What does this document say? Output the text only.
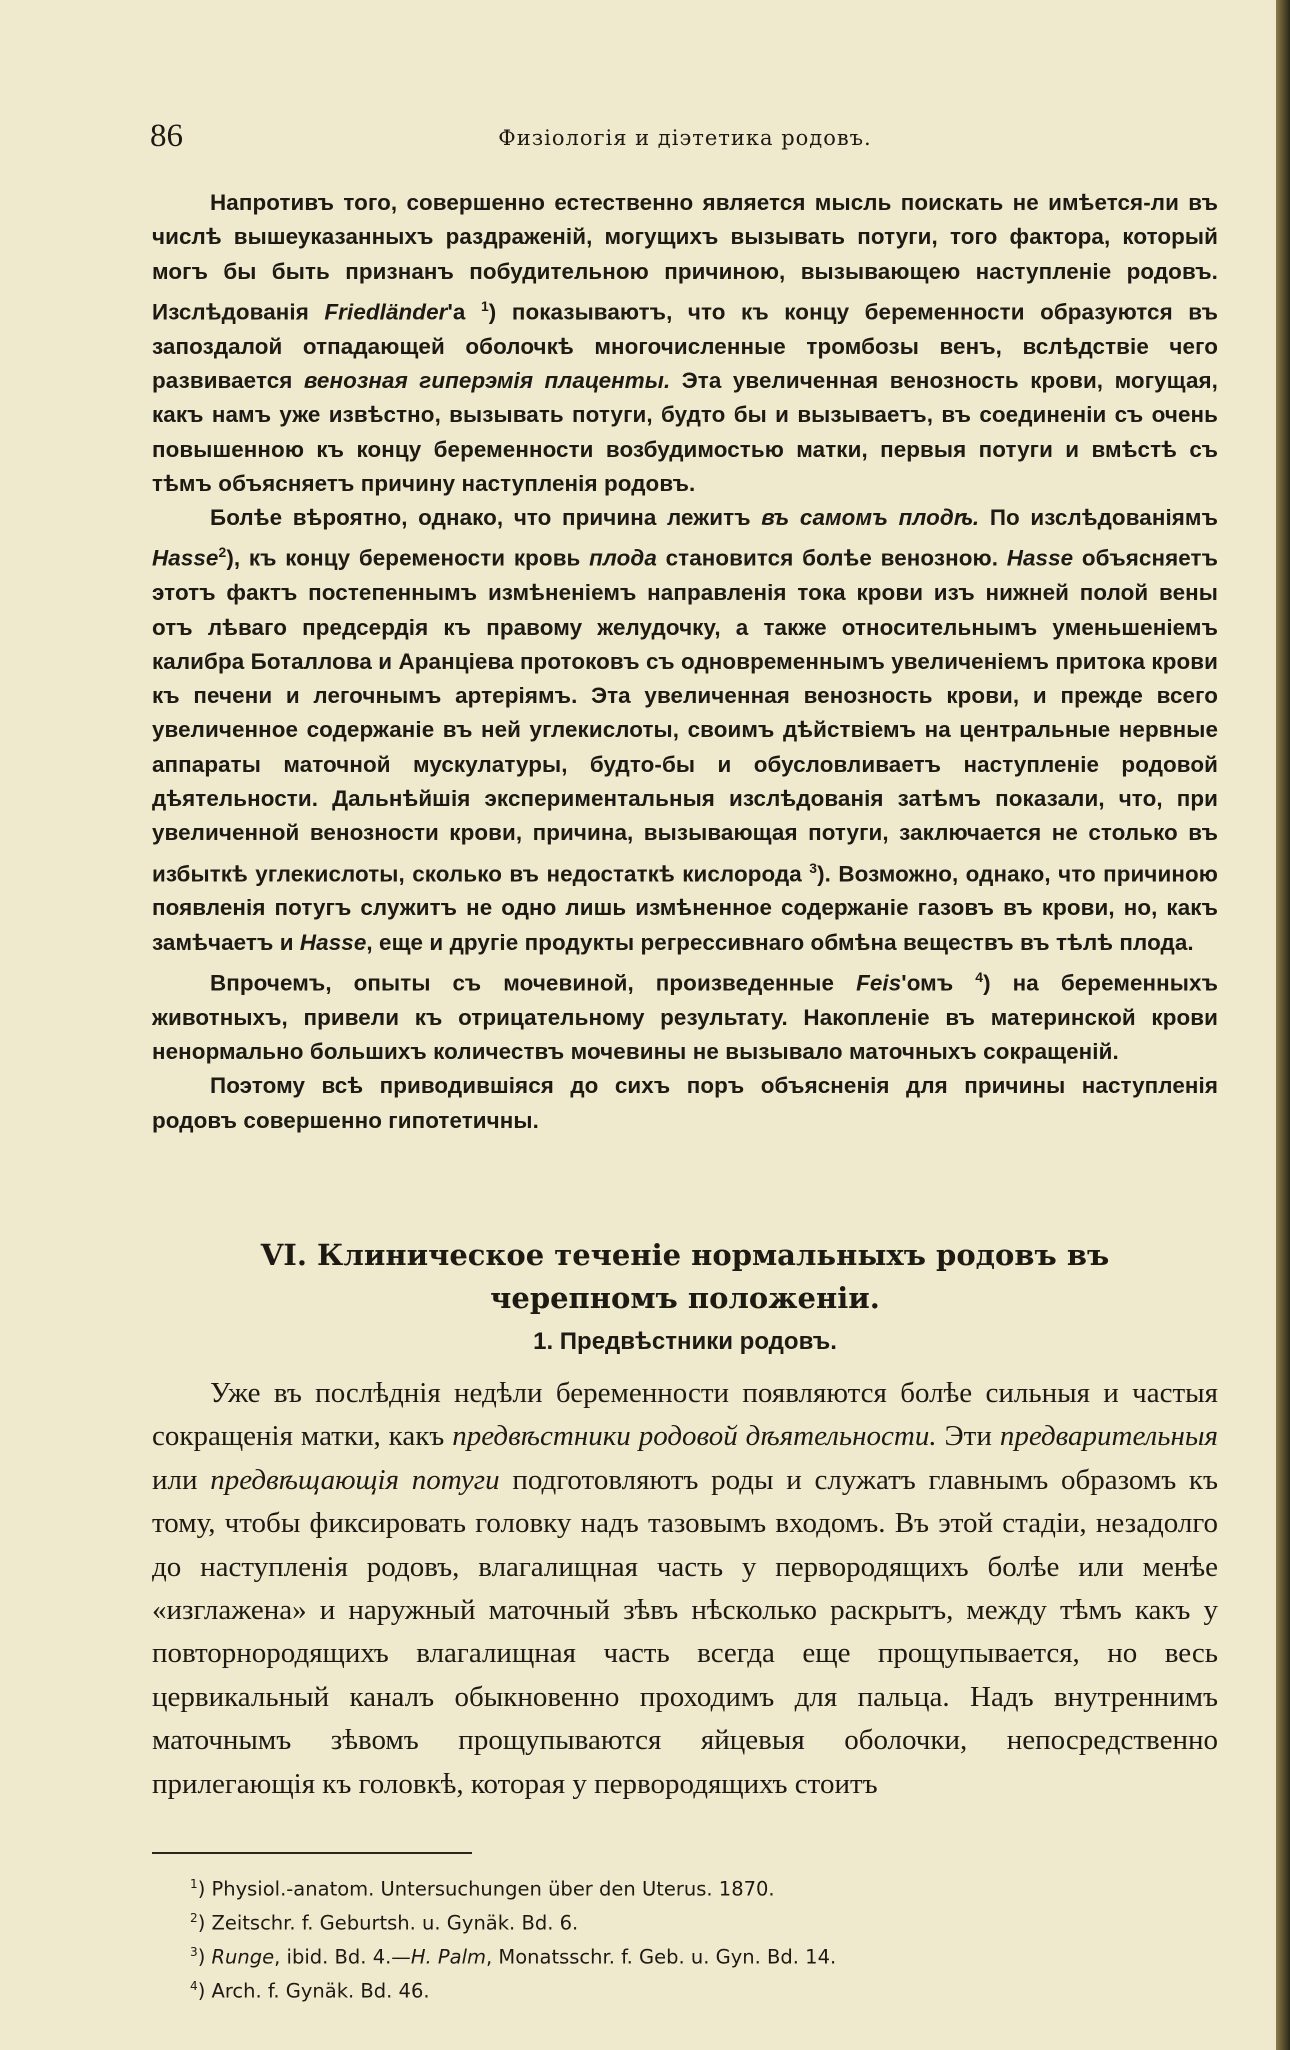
86	Физiологiя и дiэтетика родовъ.

Напротивъ того, совершенно естественно является мысль поискать не имѣется-ли въ числѣ вышеуказанныхъ раздраженiй, могущихъ вызывать потуги, того фактора, который могъ бы быть признанъ побудительною причиною, вызывающею наступленiе родовъ. Изслѣдованiя Friedländer'а $^1$) показываютъ, что къ концу беременности образуются въ запоздалой отпадающей оболочкѣ многочисленные тромбозы венъ, вслѣдствiе чего развивается венозная гиперэмiя плаценты. Эта увеличенная венозность крови, могущая, какъ намъ уже извѣстно, вызывать потуги, будто бы и вызываетъ, въ соединенiи съ очень повышенною къ концу беременности возбудимостью матки, первыя потуги и вмѣстѣ съ тѣмъ объясняетъ причину наступленiя родовъ.

Болѣе вѣроятно, однако, что причина лежитъ въ самомъ плодѣ. По изслѣдованiямъ Hasse$^2$), къ концу беремености кровь плода становится болѣе венозною. Hasse объясняетъ этотъ фактъ постепеннымъ измѣненiемъ направленiя тока крови изъ нижней полой вены отъ лѣваго предсердiя къ правому желудочку, а также относительнымъ уменьшенiемъ калибра Боталлова и Аранцiева протоковъ съ одновременнымъ увеличенiемъ притока крови къ печени и легочнымъ артерiямъ. Эта увеличенная венозность крови, и прежде всего увеличенное содержанiе въ ней углекислоты, своимъ дѣйствiемъ на центральные нервные аппараты маточной мускулатуры, будто-бы и обусловливаетъ наступленiе родовой дѣятельности. Дальнѣйшiя экспериментальныя изслѣдованiя затѣмъ показали, что, при увеличенной венозности крови, причина, вызывающая потуги, заключается не столько въ избыткѣ углекислоты, сколько въ недостаткѣ кислорода $^3$). Возможно, однако, что причиною появленiя потугъ служитъ не одно лишь измѣненное содержанiе газовъ въ крови, но, какъ замѣчаетъ и Hasse, еще и другiе продукты регрессивнаго обмѣна веществъ въ тѣлѣ плода.

Впрочемъ, опыты съ мочевиной, произведенные Feis'омъ $^4$) на беременныхъ животныхъ, привели къ отрицательному результату. Накопленiе въ материнской крови ненормально большихъ количествъ мочевины не вызывало маточныхъ сокращенiй.

Поэтому всѣ приводившiяся до сихъ поръ объясненiя для причины наступленiя родовъ совершенно гипотетичны.

VI. Клиническое теченiе нормальныхъ родовъ въ
черепномъ положенiи.
1. Предвѣстники родовъ.

Уже въ послѣднiя недѣли беременности появляются болѣе сильныя и частыя сокращенiя матки, какъ предвѣстники родовой дѣятельности. Эти предварительныя или предвѣщающiя потуги подготовляютъ роды и служатъ главнымъ образомъ къ тому, чтобы фиксировать головку надъ тазовымъ входомъ. Въ этой стадiи, незадолго до наступленiя родовъ, влагалищная часть у первородящихъ болѣе или менѣе «изглажена» и наружный маточный зѣвъ нѣсколько раскрытъ, между тѣмъ какъ у повторнородящихъ влагалищная часть всегда еще прощупывается, но весь цервикальный каналъ обыкновенно проходимъ для пальца. Надъ внутреннимъ маточнымъ зѣвомъ прощупываются яйцевыя оболочки, непосредственно прилегающiя къ головкѣ, которая у первородящихъ стоитъ

$^1$) Physiol.-anatom. Untersuchungen über den Uterus. 1870.
$^2$) Zeitschr. f. Geburtsh. u. Gynäk. Bd. 6.
$^3$) Runge, ibid. Bd. 4.—H. Palm, Monatsschr. f. Geb. u. Gyn. Bd. 14.
$^4$) Arch. f. Gynäk. Bd. 46.
